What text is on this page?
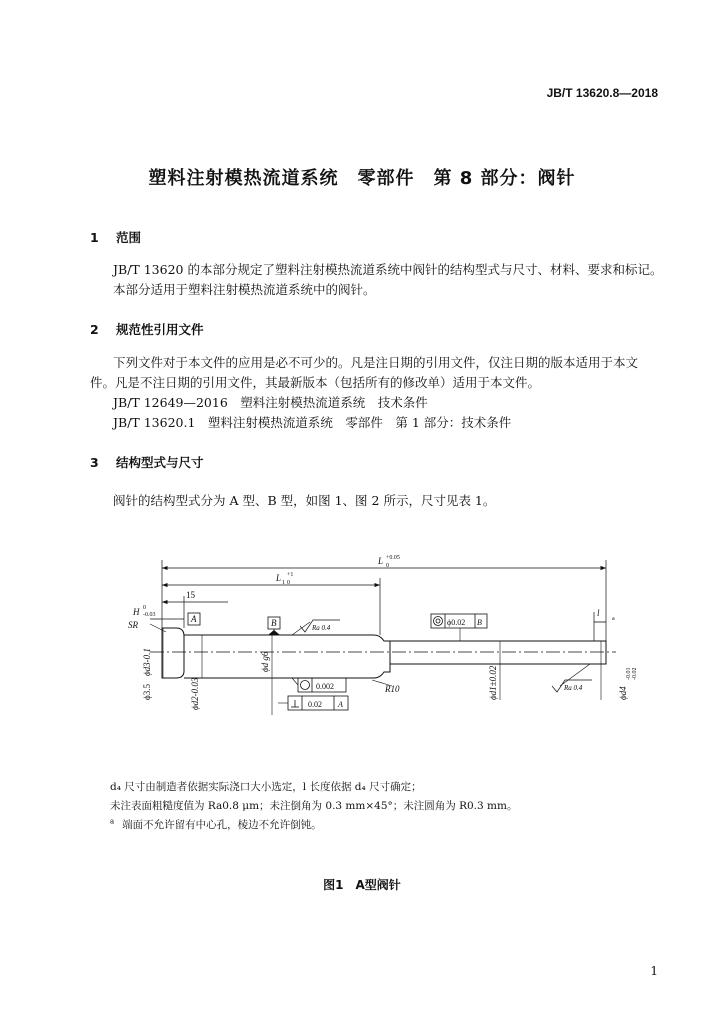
JB/T 13620.8—2018
塑料注射模热流道系统　零部件　第 8 部分：阀针
1 范围
JB/T 13620 的本部分规定了塑料注射模热流道系统中阀针的结构型式与尺寸、材料、要求和标记。
本部分适用于塑料注射模热流道系统中的阀针。
2 规范性引用文件
下列文件对于本文件的应用是必不可少的。凡是注日期的引用文件，仅注日期的版本适用于本文
件。凡是不注日期的引用文件，其最新版本（包括所有的修改单）适用于本文件。
JB/T 12649—2016　塑料注射模热流道系统　技术条件
JB/T 13620.1　塑料注射模热流道系统　零部件　第 1 部分：技术条件
3 结构型式与尺寸
阀针的结构型式分为 A 型、B 型，如图 1、图 2 所示，尺寸见表 1。
L +0.05
0
L 1
+1
0
15
H 0
-0.03
SR
A	B	Ra 0.4
Ra 0.4
ϕ0.02 B
0.002
0.02 A
R10
l
a
ϕd3-0.1
ϕ3.5	ϕd2-0.03
ϕd g6
ϕd1±0.02	ϕd4
-0.01 -0.02
d₄ 尺寸由制造者依据实际浇口大小选定，l 长度依据 d₄ 尺寸确定；
未注表面粗糙度值为 Ra0.8 μm；未注倒角为 0.3 mm×45°；未注圆角为 R0.3 mm。
$^a$ 端面不允许留有中心孔，棱边不允许倒钝。
图1　A型阀针
1
